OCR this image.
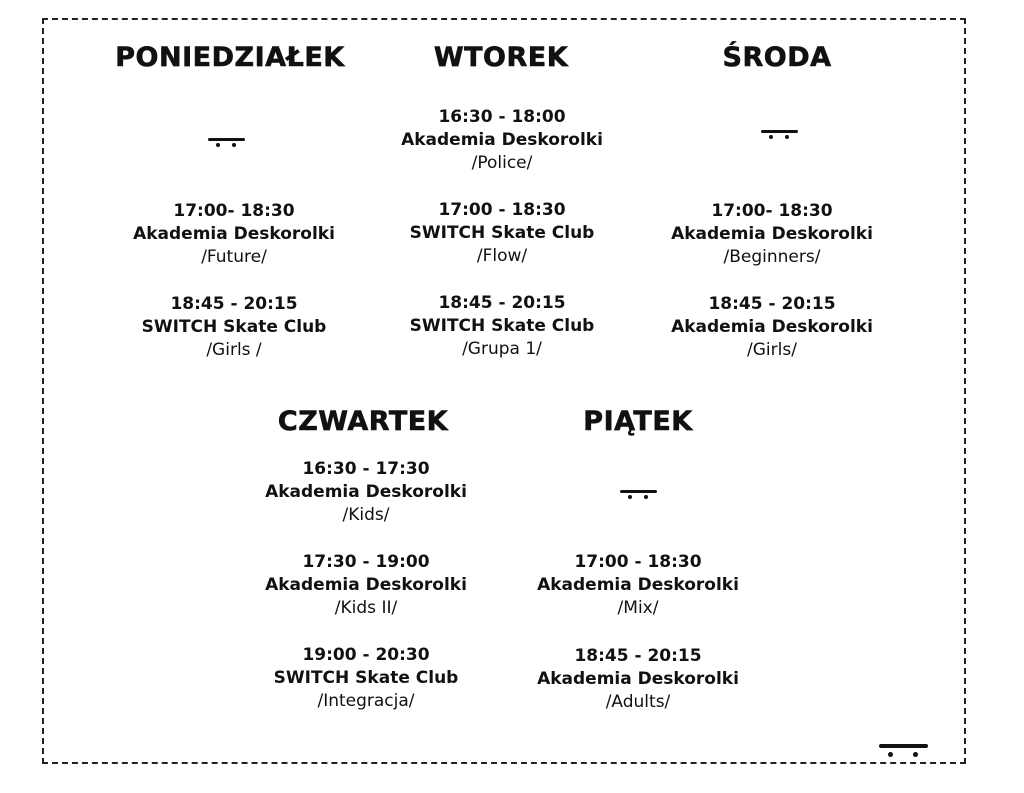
PONIEDZIAŁEK
17:00- 18:30
Akademia Deskorolki
/Future/
18:45 - 20:15
SWITCH Skate Club
/Girls /
WTOREK
16:30 - 18:00
Akademia Deskorolki
/Police/
17:00 - 18:30
SWITCH Skate Club
/Flow/
18:45 - 20:15
SWITCH Skate Club
/Grupa 1/
ŚRODA
17:00- 18:30
Akademia Deskorolki
/Beginners/
18:45 - 20:15
Akademia Deskorolki
/Girls/
CZWARTEK
16:30 - 17:30
Akademia Deskorolki
/Kids/
17:30 - 19:00
Akademia Deskorolki
/Kids II/
19:00 - 20:30
SWITCH Skate Club
/Integracja/
PIĄTEK
17:00 - 18:30
Akademia Deskorolki
/Mix/
18:45 - 20:15
Akademia Deskorolki
/Adults/
